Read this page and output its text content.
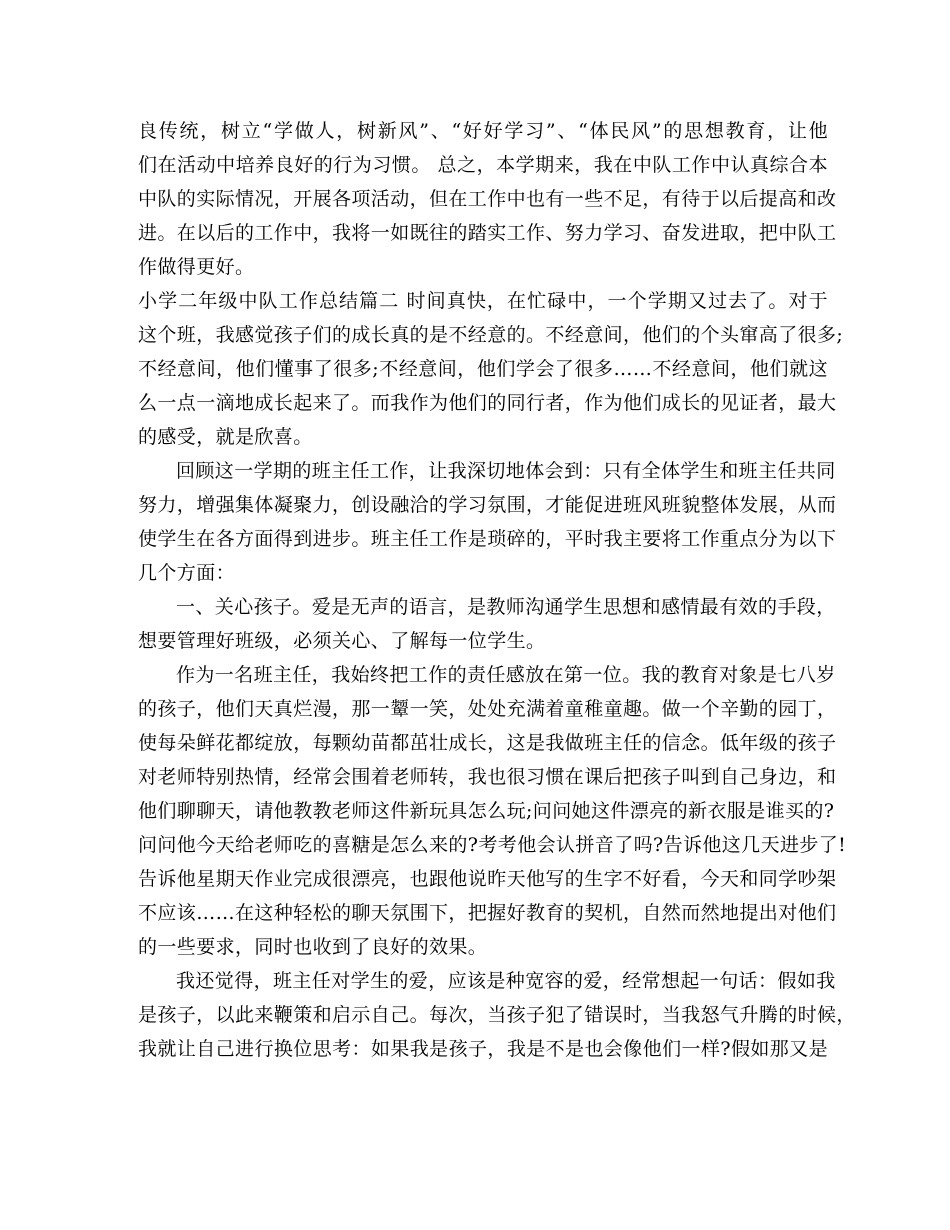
良传统，树立“学做人，树新风”、“好好学习”、“体民风”的思想教育，让他
们在活动中培养良好的行为习惯。 总之，本学期来，我在中队工作中认真综合本
中队的实际情况，开展各项活动，但在工作中也有一些不足，有待于以后提高和改
进。在以后的工作中，我将一如既往的踏实工作、努力学习、奋发进取，把中队工
作做得更好。
小学二年级中队工作总结篇二 时间真快，在忙碌中，一个学期又过去了。对于
这个班，我感觉孩子们的成长真的是不经意的。不经意间，他们的个头窜高了很多;
不经意间，他们懂事了很多;不经意间，他们学会了很多……不经意间，他们就这
么一点一滴地成长起来了。而我作为他们的同行者，作为他们成长的见证者，最大
的感受，就是欣喜。
回顾这一学期的班主任工作，让我深切地体会到：只有全体学生和班主任共同
努力，增强集体凝聚力，创设融洽的学习氛围，才能促进班风班貌整体发展，从而
使学生在各方面得到进步。班主任工作是琐碎的，平时我主要将工作重点分为以下
几个方面：
一、关心孩子。爱是无声的语言，是教师沟通学生思想和感情最有效的手段，
想要管理好班级，必须关心、了解每一位学生。
作为一名班主任，我始终把工作的责任感放在第一位。我的教育对象是七八岁
的孩子，他们天真烂漫，那一颦一笑，处处充满着童稚童趣。做一个辛勤的园丁，
使每朵鲜花都绽放，每颗幼苗都茁壮成长，这是我做班主任的信念。低年级的孩子
对老师特别热情，经常会围着老师转，我也很习惯在课后把孩子叫到自己身边，和
他们聊聊天，请他教教老师这件新玩具怎么玩;问问她这件漂亮的新衣服是谁买的?
问问他今天给老师吃的喜糖是怎么来的?考考他会认拼音了吗?告诉他这几天进步了!
告诉他星期天作业完成很漂亮，也跟他说昨天他写的生字不好看，今天和同学吵架
不应该……在这种轻松的聊天氛围下，把握好教育的契机，自然而然地提出对他们
的一些要求，同时也收到了良好的效果。
我还觉得，班主任对学生的爱，应该是种宽容的爱，经常想起一句话：假如我
是孩子，以此来鞭策和启示自己。每次，当孩子犯了错误时，当我怒气升腾的时候，
我就让自己进行换位思考：如果我是孩子，我是不是也会像他们一样?假如那又是
